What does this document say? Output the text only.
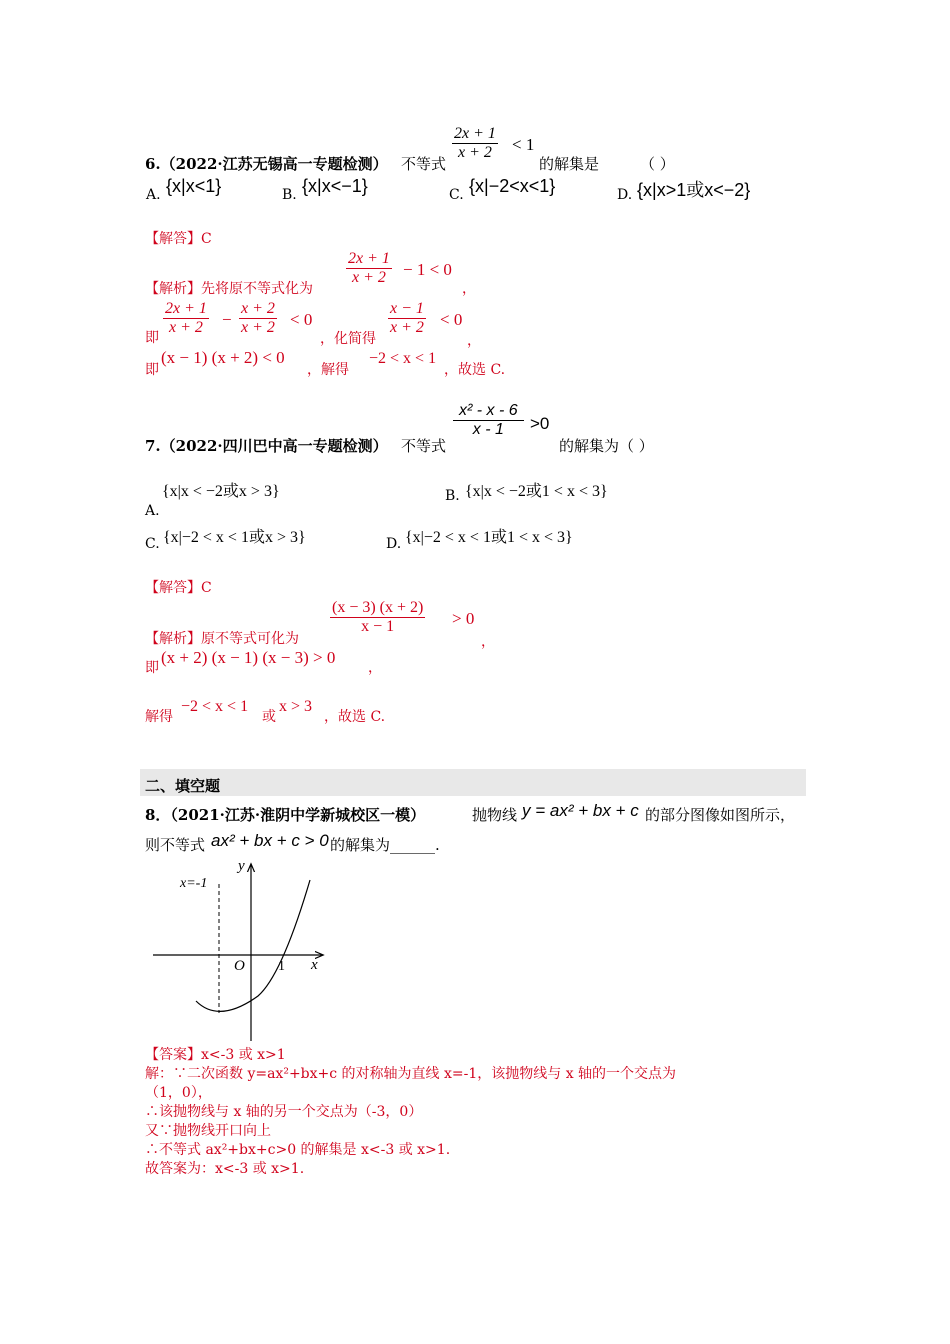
6.（2022·江苏无锡高一专题检测） 不等式
2x + 1
x + 2	< 1
的解集是	（ ）
A. {x|x<1}	B. {x|x<−1}	C. {x|−2<x<1}	D. {x|x>1或x<−2}
【解答】C
【解析】先将原不等式化为
2x + 1
x + 2	− 1 < 0
，
即
2x + 1
x + 2	−
x + 2
x + 2 < 0
，化简得
x − 1
x + 2 < 0
，
即
(x − 1) (x + 2) < 0
，解得
−2 < x < 1
，故选 C.
7.（2022·四川巴中高一专题检测） 不等式
x² - x - 6
x - 1	>0
的解集为（ ）
{x|x < −2或x > 3}
A.
B. {x|x < −2或1 < x < 3}
C. {x|−2 < x < 1或x > 3}	D. {x|−2 < x < 1或1 < x < 3}
【解答】C
【解析】原不等式可化为
(x − 3) (x + 2)
x − 1	> 0
，
即
(x + 2) (x − 1) (x − 3) > 0
，
解得
−2 < x < 1
或
x > 3
，故选 C.
二、填空题
8．（2021·江苏·淮阴中学新城校区一模）	抛物线 y = ax² + bx + c 的部分图像如图所示，
则不等式 ax² + bx + c > 0 的解集为______.
y
x
O 1
x=-1
【答案】x<-3 或 x>1
解：∵二次函数 y=ax²+bx+c 的对称轴为直线 x=-1，该抛物线与 x 轴的一个交点为
（1，0），
∴该抛物线与 x 轴的另一个交点为（-3，0）
又∵抛物线开口向上
∴不等式 ax²+bx+c>0 的解集是 x<-3 或 x>1.
故答案为：x<-3 或 x>1.
